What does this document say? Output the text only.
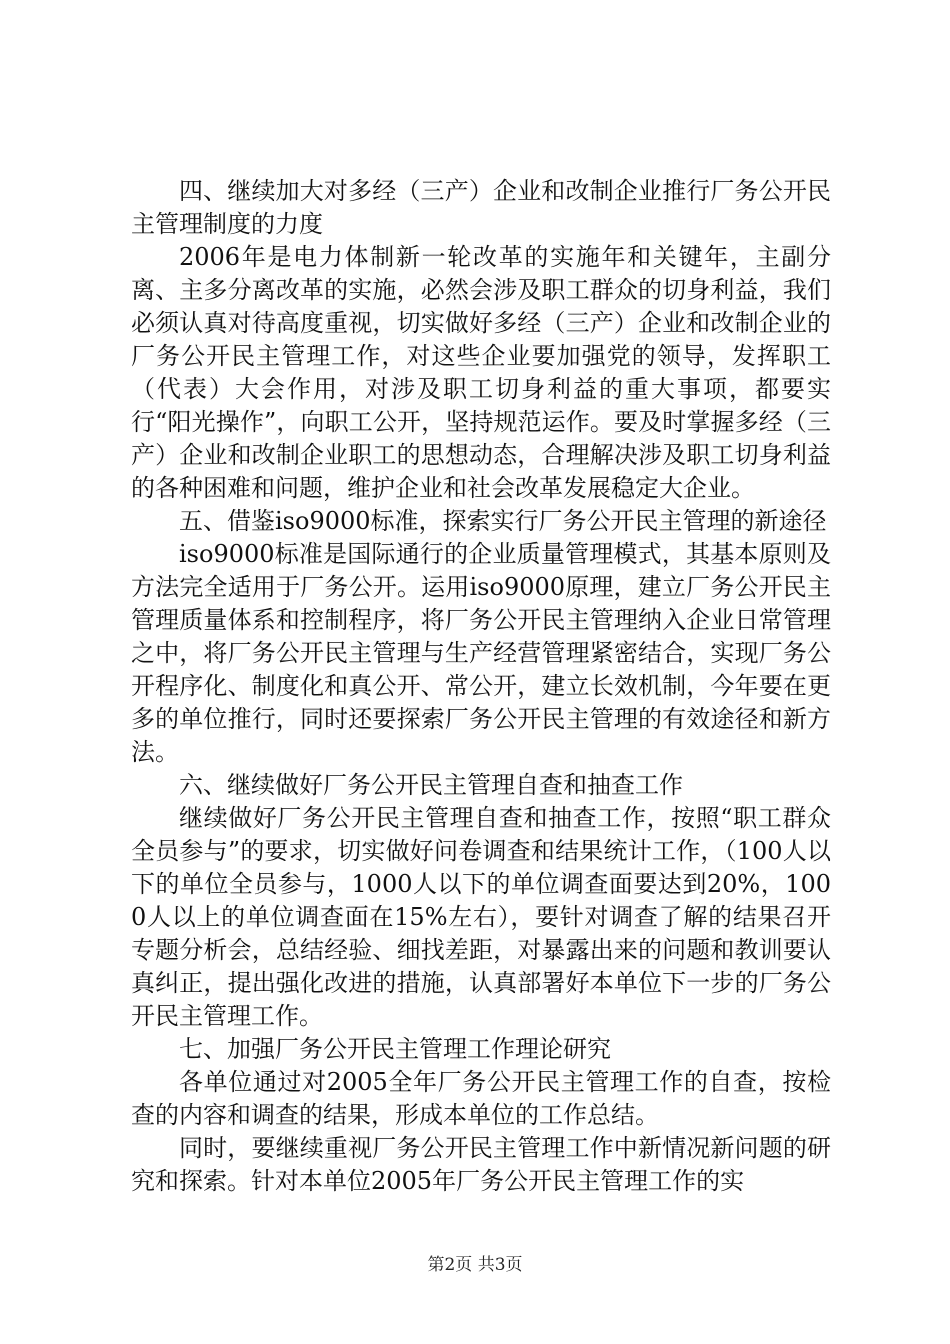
四、继续加大对多经（三产）企业和改制企业推行厂务公开民主管理制度的力度

2006年是电力体制新一轮改革的实施年和关键年，主副分离、主多分离改革的实施，必然会涉及职工群众的切身利益，我们必须认真对待高度重视，切实做好多经（三产）企业和改制企业的厂务公开民主管理工作，对这些企业要加强党的领导，发挥职工（代表）大会作用，对涉及职工切身利益的重大事项，都要实行“阳光操作”，向职工公开，坚持规范运作。要及时掌握多经（三产）企业和改制企业职工的思想动态，合理解决涉及职工切身利益的各种困难和问题，维护企业和社会改革发展稳定大企业。

五、借鉴iso9000标准，探索实行厂务公开民主管理的新途径

iso9000标准是国际通行的企业质量管理模式，其基本原则及方法完全适用于厂务公开。运用iso9000原理，建立厂务公开民主管理质量体系和控制程序，将厂务公开民主管理纳入企业日常管理之中，将厂务公开民主管理与生产经营管理紧密结合，实现厂务公开程序化、制度化和真公开、常公开，建立长效机制，今年要在更多的单位推行，同时还要探索厂务公开民主管理的有效途径和新方法。

六、继续做好厂务公开民主管理自查和抽查工作

继续做好厂务公开民主管理自查和抽查工作，按照“职工群众全员参与”的要求，切实做好问卷调查和结果统计工作，（100人以下的单位全员参与，1000人以下的单位调查面要达到20%，1000人以上的单位调查面在15%左右），要针对调查了解的结果召开专题分析会，总结经验、细找差距，对暴露出来的问题和教训要认真纠正，提出强化改进的措施，认真部署好本单位下一步的厂务公开民主管理工作。

七、加强厂务公开民主管理工作理论研究

各单位通过对2005全年厂务公开民主管理工作的自查，按检查的内容和调查的结果，形成本单位的工作总结。

同时，要继续重视厂务公开民主管理工作中新情况新问题的研究和探索。针对本单位2005年厂务公开民主管理工作的实

第2页 共3页
